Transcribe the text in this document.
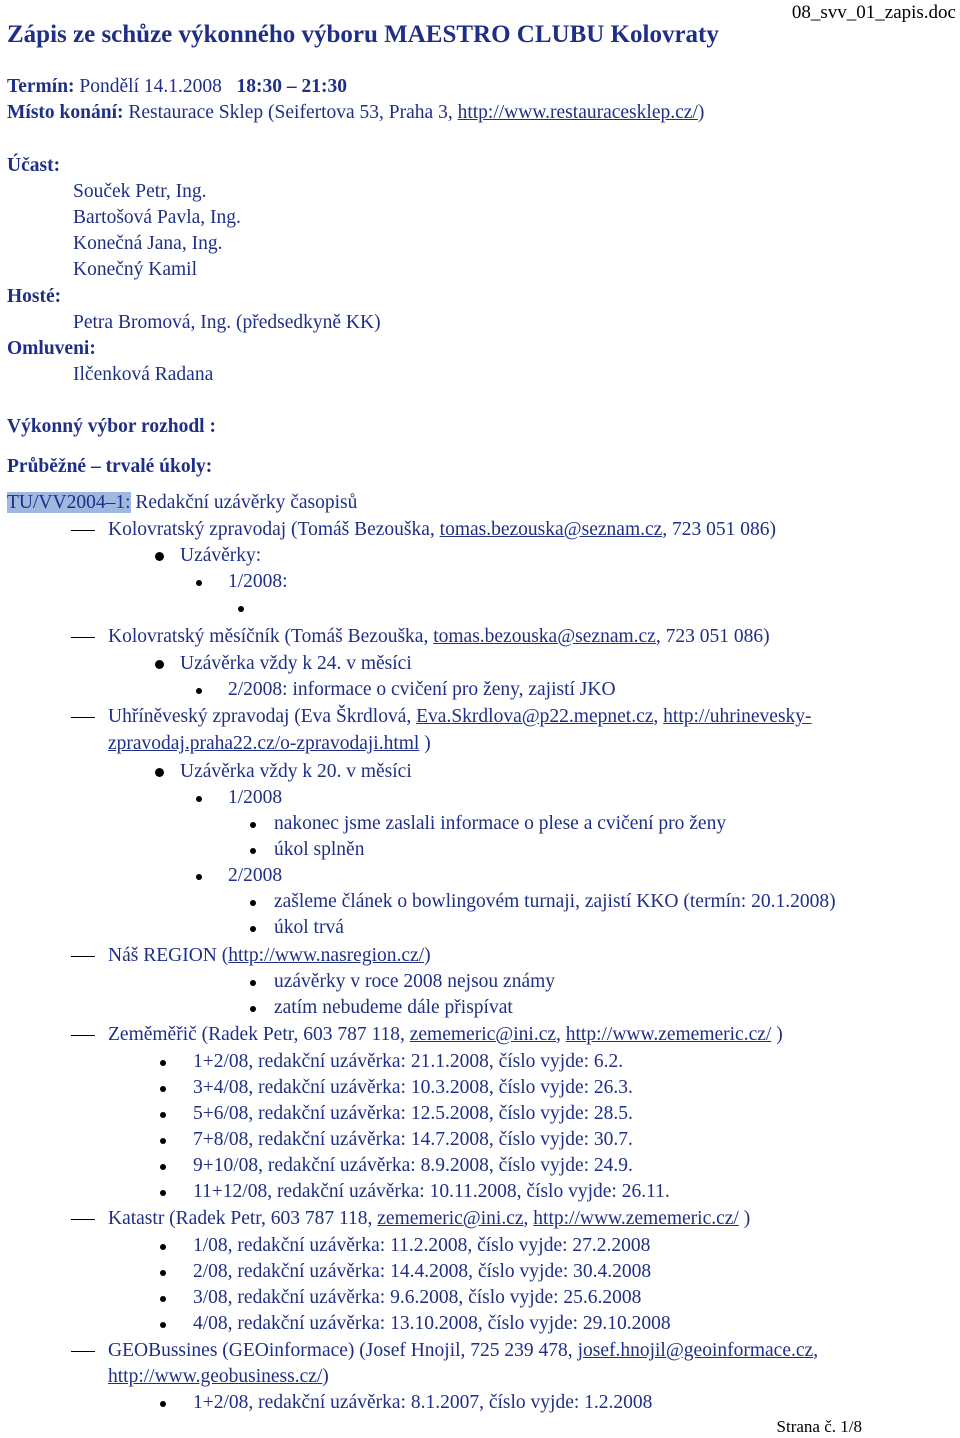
08_svv_01_zapis.doc
Zápis ze schůze výkonného výboru MAESTRO CLUBU Kolovraty
Termín: Pondělí 14.1.2008 18:30 – 21:30
Místo konání: Restaurace Sklep (Seifertova 53, Praha 3, http://www.restauracesklep.cz/)
Účast:
Souček Petr, Ing.
Bartošová Pavla, Ing.
Konečná Jana, Ing.
Konečný Kamil
Hosté:
Petra Bromová, Ing. (předsedkyně KK)
Omluveni:
Ilčenková Radana
Výkonný výbor rozhodl :
Průběžné – trvalé úkoly:
TU/VV2004–1: Redakční uzávěrky časopisů
Kolovratský zpravodaj (Tomáš Bezouška, tomas.bezouska@seznam.cz, 723 051 086)
Uzávěrky:
1/2008:
Kolovratský měsíčník (Tomáš Bezouška, tomas.bezouska@seznam.cz, 723 051 086)
Uzávěrka vždy k 24. v měsíci
2/2008: informace o cvičení pro ženy, zajistí JKO
Uhříněveský zpravodaj (Eva Škrdlová, Eva.Skrdlova@p22.mepnet.cz, http://uhrinevesky-
zpravodaj.praha22.cz/o-zpravodaji.html )
Uzávěrka vždy k 20. v měsíci
1/2008
nakonec jsme zaslali informace o plese a cvičení pro ženy
úkol splněn
2/2008
zašleme článek o bowlingovém turnaji, zajistí KKO (termín: 20.1.2008)
úkol trvá
Náš REGION (http://www.nasregion.cz/)
uzávěrky v roce 2008 nejsou známy
zatím nebudeme dále přispívat
Zeměměřič (Radek Petr, 603 787 118, zememeric@ini.cz, http://www.zememeric.cz/ )
1+2/08, redakční uzávěrka: 21.1.2008, číslo vyjde: 6.2.
3+4/08, redakční uzávěrka: 10.3.2008, číslo vyjde: 26.3.
5+6/08, redakční uzávěrka: 12.5.2008, číslo vyjde: 28.5.
7+8/08, redakční uzávěrka: 14.7.2008, číslo vyjde: 30.7.
9+10/08, redakční uzávěrka: 8.9.2008, číslo vyjde: 24.9.
11+12/08, redakční uzávěrka: 10.11.2008, číslo vyjde: 26.11.
Katastr (Radek Petr, 603 787 118, zememeric@ini.cz, http://www.zememeric.cz/ )
1/08, redakční uzávěrka: 11.2.2008, číslo vyjde: 27.2.2008
2/08, redakční uzávěrka: 14.4.2008, číslo vyjde: 30.4.2008
3/08, redakční uzávěrka: 9.6.2008, číslo vyjde: 25.6.2008
4/08, redakční uzávěrka: 13.10.2008, číslo vyjde: 29.10.2008
GEOBussines (GEOinformace) (Josef Hnojil, 725 239 478, josef.hnojil@geoinformace.cz,
http://www.geobusiness.cz/)
1+2/08, redakční uzávěrka: 8.1.2007, číslo vyjde: 1.2.2008
Strana č. 1/8
